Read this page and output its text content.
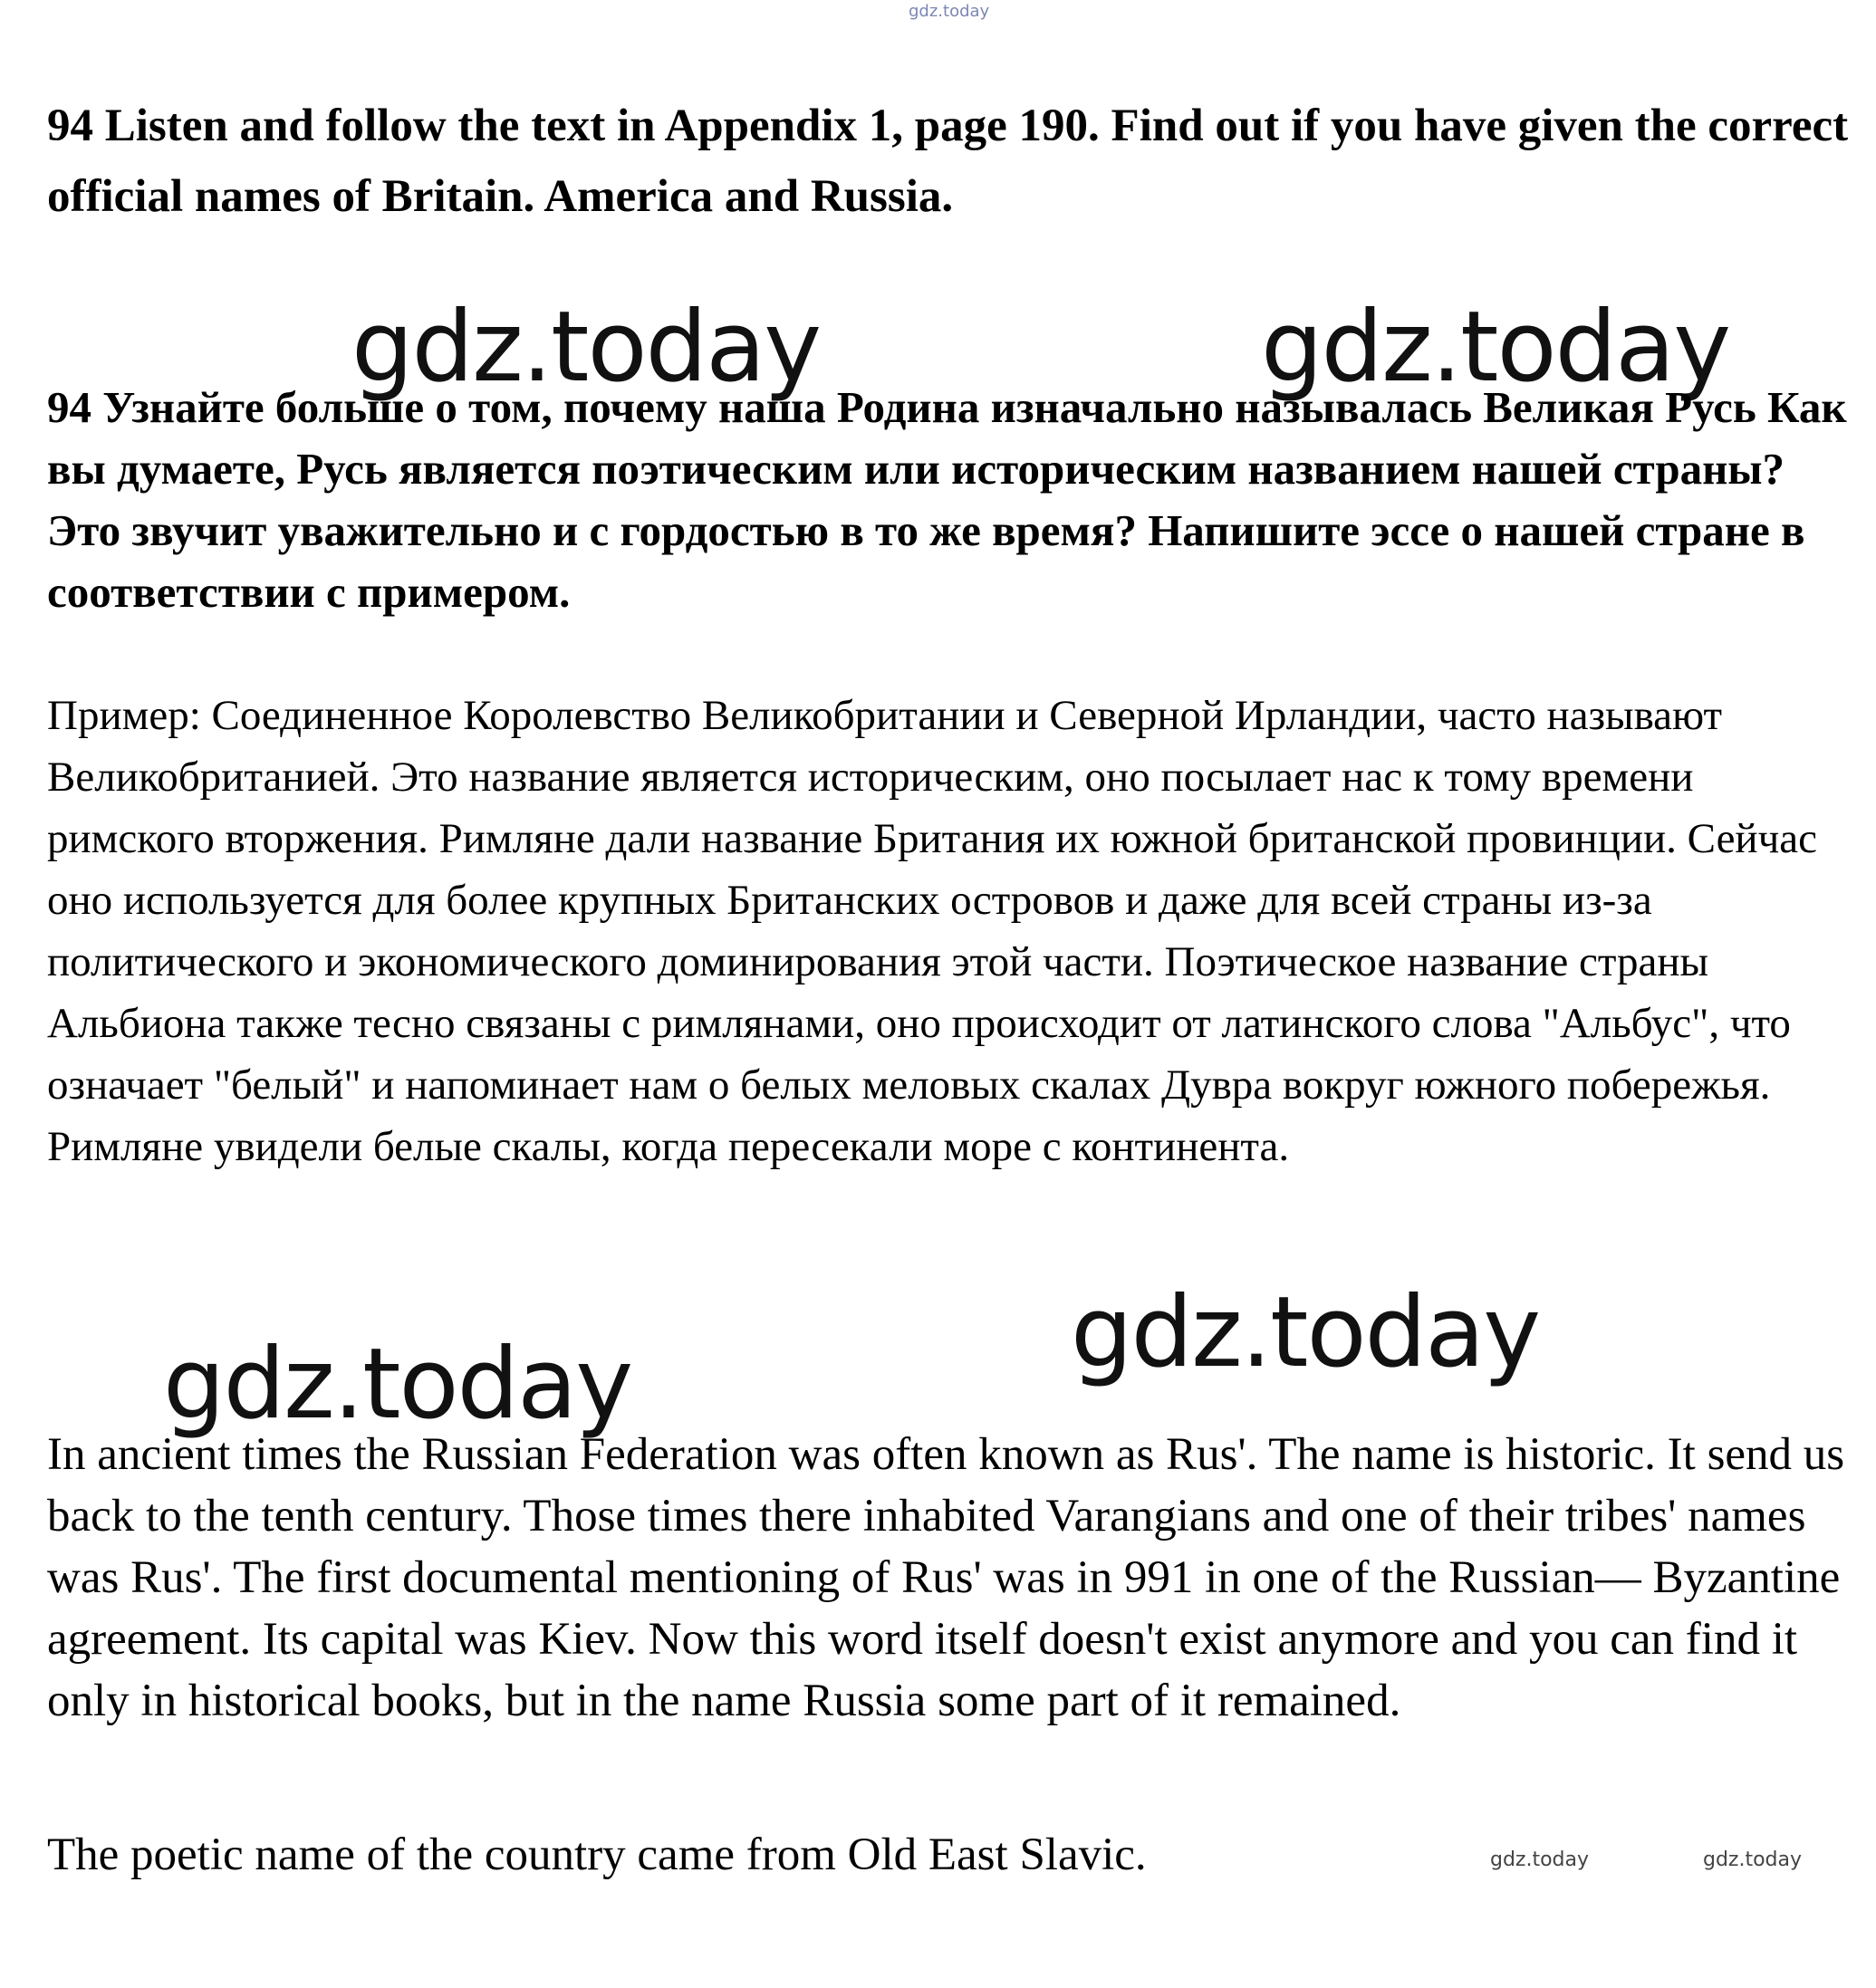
gdz.today

94 Listen and follow the text in Appendix 1, page 190. Find out if you have given the correct official names of Britain. America and Russia.

gdz.today	gdz.today

94 Узнайте больше о том, почему наша Родина изначально называлась Великая Русь Как вы думаете, Русь является поэтическим или историческим названием нашей страны? Это звучит уважительно и с гордостью в то же время? Напишите эссе о нашей стране в соответствии с примером.

Пример: Соединенное Королевство Великобритании и Северной Ирландии, часто называют Великобританией. Это название является историческим, оно посылает нас к тому времени римского вторжения. Римляне дали название Британия их южной британской провинции. Сейчас оно используется для более крупных Британских островов и даже для всей страны из-за политического и экономического доминирования этой части. Поэтическое название страны Альбиона также тесно связаны с римлянами, оно происходит от латинского слова "Альбус", что означает "белый" и напоминает нам о белых меловых скалах Дувра вокруг южного побережья. Римляне увидели белые скалы, когда пересекали море с континента.

gdz.today
gdz.today

In ancient times the Russian Federation was often known as Rus'. The name is historic. It send us back to the tenth century. Those times there inhabited Varangians and one of their tribes' names was Rus'. The first documental mentioning of Rus' was in 991 in one of the Russian— Byzantine agreement. Its capital was Kiev. Now this word itself doesn't exist anymore and you can find it only in historical books, but in the name Russia some part of it remained.

The poetic name of the country came from Old East Slavic.	gdz.today	gdz.today
